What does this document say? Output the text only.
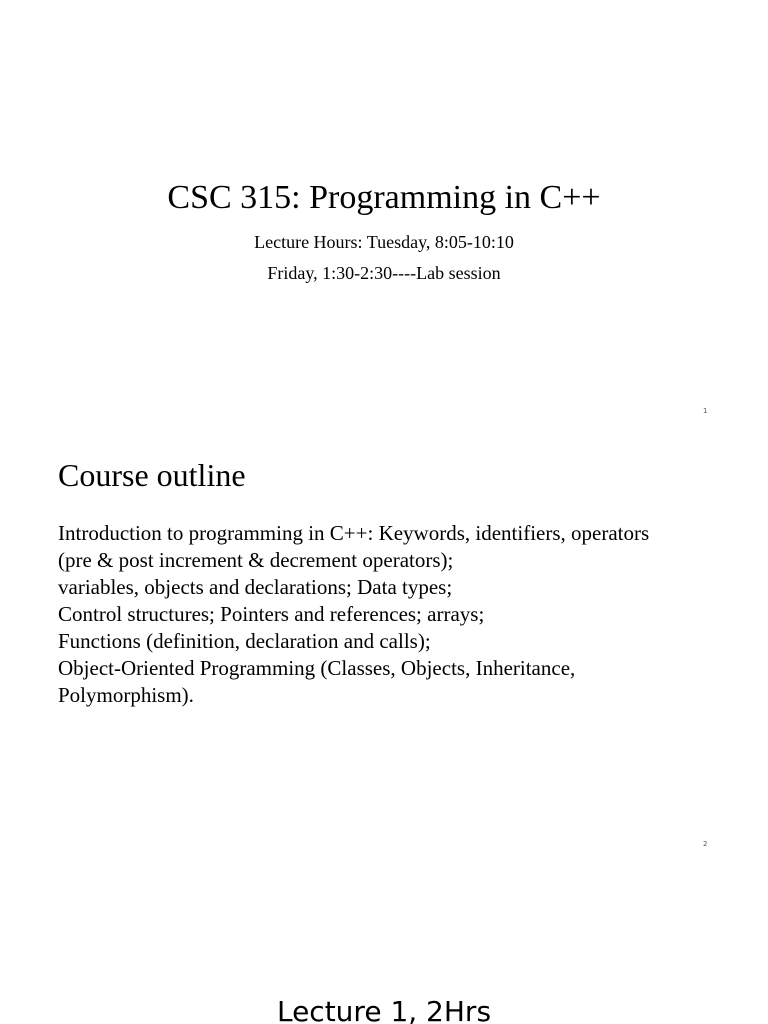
CSC 315: Programming in C++
Lecture Hours: Tuesday, 8:05-10:10
Friday, 1:30-2:30----Lab session
1
Course outline
Introduction to programming in C++: Keywords, identifiers, operators
(pre & post increment & decrement operators);
variables, objects and declarations; Data types;
Control structures; Pointers and references; arrays;
Functions (definition, declaration and calls);
Object-Oriented Programming (Classes, Objects, Inheritance,
Polymorphism).
2
Lecture 1, 2Hrs
